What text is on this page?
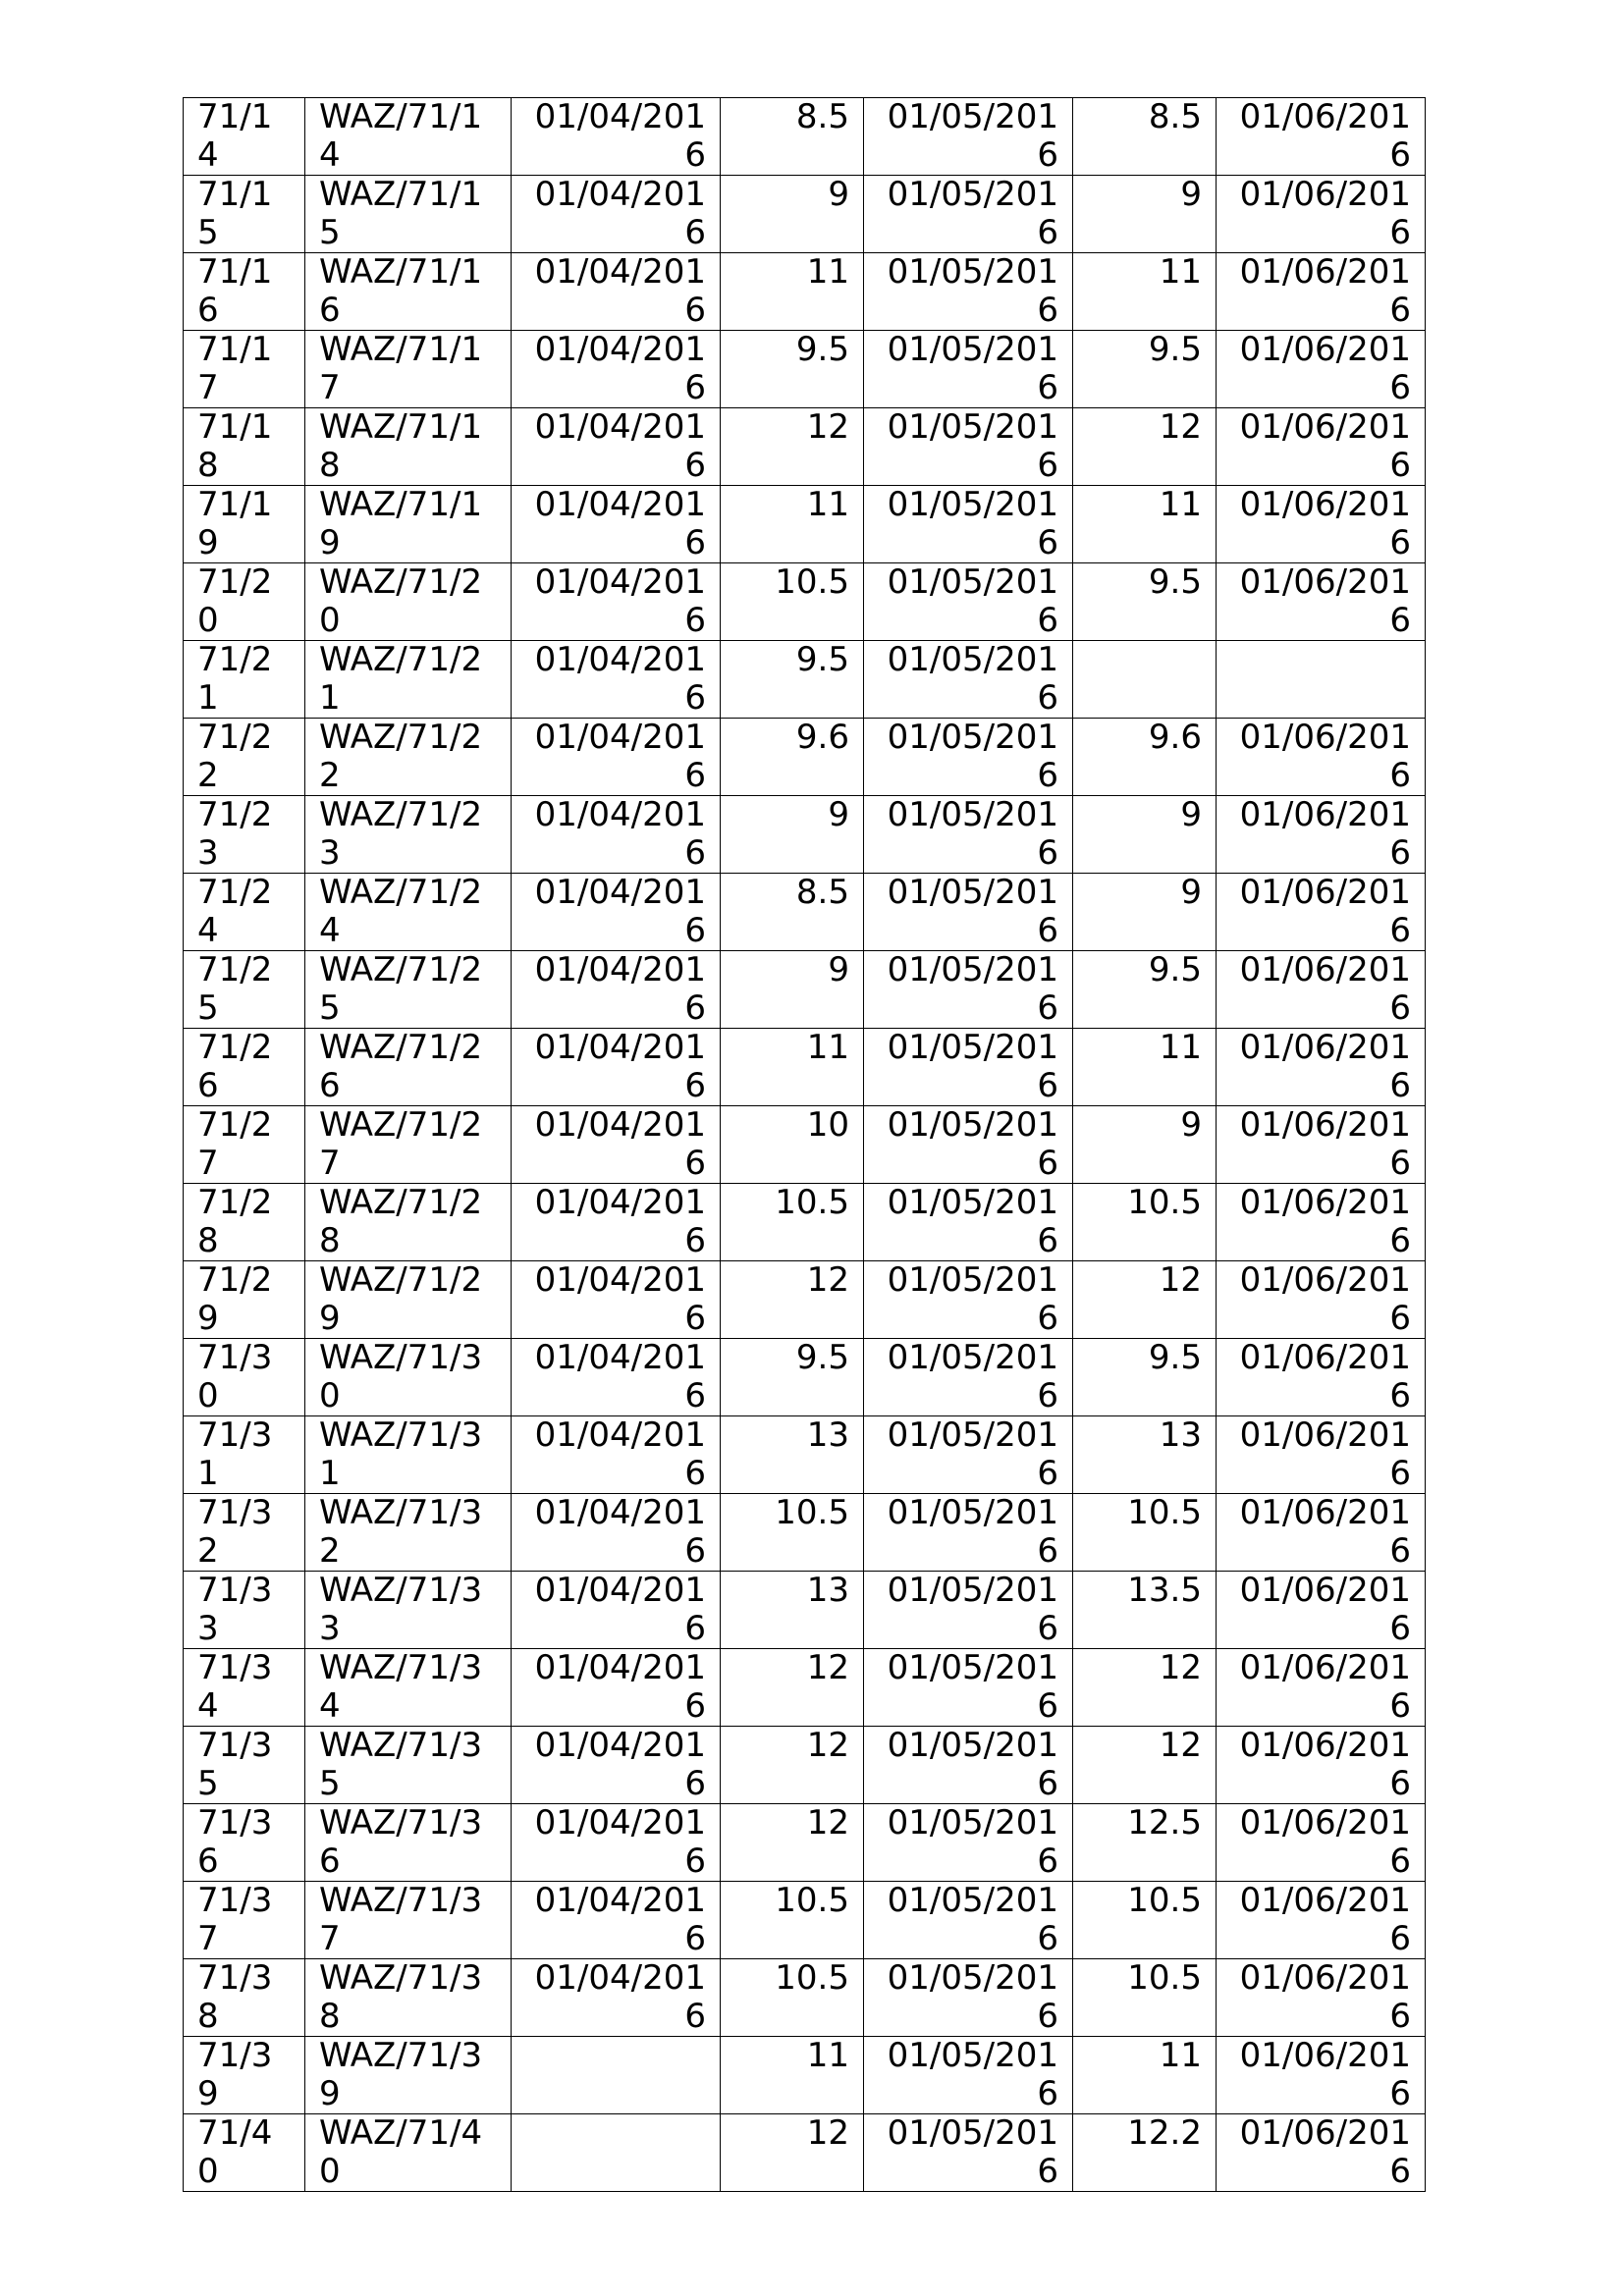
71/14	WAZ/71/14	01/04/2016	8.5	01/05/2016	8.5	01/06/2016
71/15	WAZ/71/15	01/04/2016	9	01/05/2016	9	01/06/2016
71/16	WAZ/71/16	01/04/2016	11	01/05/2016	11	01/06/2016
71/17	WAZ/71/17	01/04/2016	9.5	01/05/2016	9.5	01/06/2016
71/18	WAZ/71/18	01/04/2016	12	01/05/2016	12	01/06/2016
71/19	WAZ/71/19	01/04/2016	11	01/05/2016	11	01/06/2016
71/20	WAZ/71/20	01/04/2016	10.5	01/05/2016	9.5	01/06/2016
71/21	WAZ/71/21	01/04/2016	9.5	01/05/2016		
71/22	WAZ/71/22	01/04/2016	9.6	01/05/2016	9.6	01/06/2016
71/23	WAZ/71/23	01/04/2016	9	01/05/2016	9	01/06/2016
71/24	WAZ/71/24	01/04/2016	8.5	01/05/2016	9	01/06/2016
71/25	WAZ/71/25	01/04/2016	9	01/05/2016	9.5	01/06/2016
71/26	WAZ/71/26	01/04/2016	11	01/05/2016	11	01/06/2016
71/27	WAZ/71/27	01/04/2016	10	01/05/2016	9	01/06/2016
71/28	WAZ/71/28	01/04/2016	10.5	01/05/2016	10.5	01/06/2016
71/29	WAZ/71/29	01/04/2016	12	01/05/2016	12	01/06/2016
71/30	WAZ/71/30	01/04/2016	9.5	01/05/2016	9.5	01/06/2016
71/31	WAZ/71/31	01/04/2016	13	01/05/2016	13	01/06/2016
71/32	WAZ/71/32	01/04/2016	10.5	01/05/2016	10.5	01/06/2016
71/33	WAZ/71/33	01/04/2016	13	01/05/2016	13.5	01/06/2016
71/34	WAZ/71/34	01/04/2016	12	01/05/2016	12	01/06/2016
71/35	WAZ/71/35	01/04/2016	12	01/05/2016	12	01/06/2016
71/36	WAZ/71/36	01/04/2016	12	01/05/2016	12.5	01/06/2016
71/37	WAZ/71/37	01/04/2016	10.5	01/05/2016	10.5	01/06/2016
71/38	WAZ/71/38	01/04/2016	10.5	01/05/2016	10.5	01/06/2016
71/39	WAZ/71/39		11	01/05/2016	11	01/06/2016
71/40	WAZ/71/40		12	01/05/2016	12.2	01/06/2016
